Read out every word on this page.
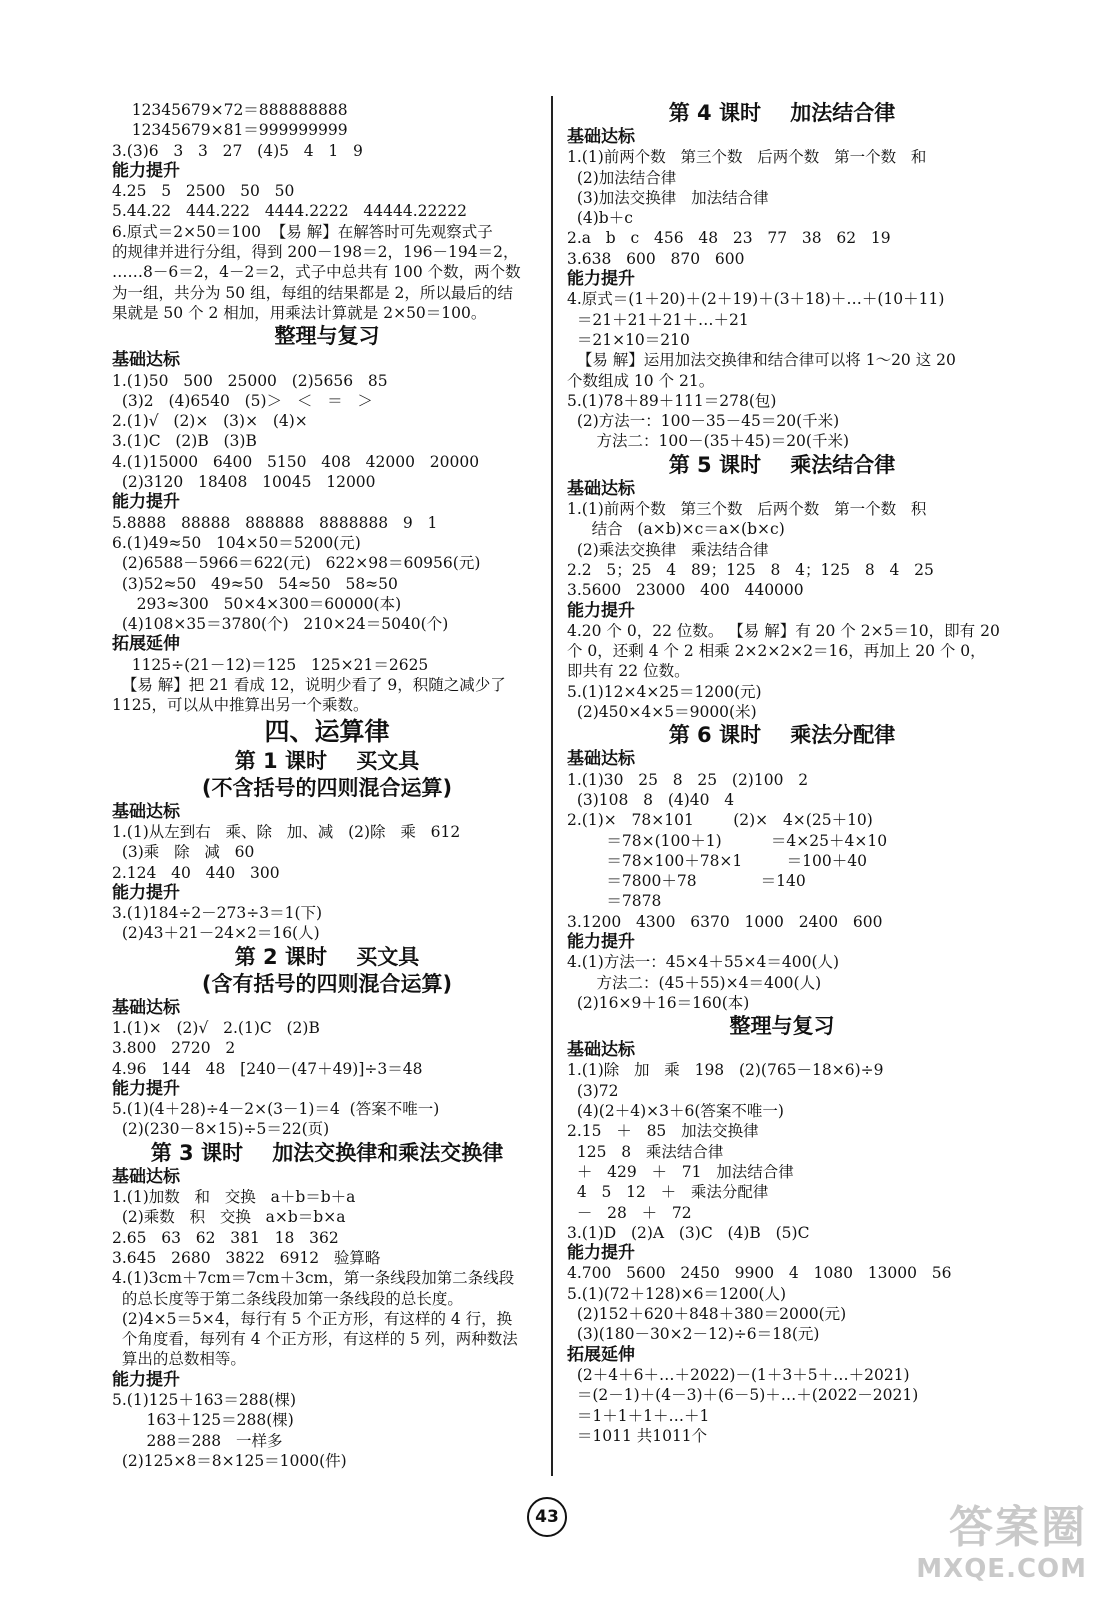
12345679×72＝888888888
12345679×81＝999999999
3.(3)6   3   3   27   (4)5   4   1   9
能力提升
4.25   5   2500   50   50
5.44.22   444.222   4444.2222   44444.22222
6.原式＝2×50＝100  【易 解】在解答时可先观察式子
的规律并进行分组，得到 200－198＝2，196－194＝2，
……8－6＝2，4－2＝2，式子中总共有 100 个数，两个数
为一组，共分为 50 组，每组的结果都是 2，所以最后的结
果就是 50 个 2 相加，用乘法计算就是 2×50＝100。
整理与复习
基础达标
1.(1)50   500   25000   (2)5656   85
(3)2   (4)6540   (5)＞   ＜   ＝   ＞
2.(1)√   (2)×   (3)×   (4)×
3.(1)C   (2)B   (3)B
4.(1)15000   6400   5150   408   42000   20000
(2)3120   18408   10045   12000
能力提升
5.8888   88888   888888   8888888   9   1
6.(1)49≈50   104×50＝5200(元)
(2)6588－5966＝622(元)   622×98＝60956(元)
(3)52≈50   49≈50   54≈50   58≈50
293≈300   50×4×300＝60000(本)
(4)108×35＝3780(个)   210×24＝5040(个)
拓展延伸
1125÷(21－12)＝125   125×21＝2625
【易 解】把 21 看成 12，说明少看了 9，积随之减少了
1125，可以从中推算出另一个乘数。
四、运算律
第 1 课时    买文具
(不含括号的四则混合运算)
基础达标
1.(1)从左到右   乘、除   加、减   (2)除   乘   612
(3)乘   除   减   60
2.124   40   440   300
能力提升
3.(1)184÷2－273÷3＝1(下)
(2)43＋21－24×2＝16(人)
第 2 课时    买文具
(含有括号的四则混合运算)
基础达标
1.(1)×   (2)√   2.(1)C   (2)B
3.800   2720   2
4.96   144   48   [240－(47＋49)]÷3＝48
能力提升
5.(1)(4＋28)÷4－2×(3－1)＝4  (答案不唯一)
(2)(230－8×15)÷5＝22(页)
第 3 课时    加法交换律和乘法交换律
基础达标
1.(1)加数   和   交换   a＋b＝b＋a
(2)乘数   积   交换   a×b＝b×a
2.65   63   62   381   18   362
3.645   2680   3822   6912   验算略
4.(1)3cm＋7cm＝7cm＋3cm，第一条线段加第二条线段
的总长度等于第二条线段加第一条线段的总长度。
(2)4×5＝5×4，每行有 5 个正方形，有这样的 4 行，换
个角度看，每列有 4 个正方形，有这样的 5 列，两种数法
算出的总数相等。
能力提升
5.(1)125＋163＝288(棵)
163＋125＝288(棵)
288＝288   一样多
(2)125×8＝8×125＝1000(件)
第 4 课时    加法结合律
基础达标
1.(1)前两个数   第三个数   后两个数   第一个数   和
(2)加法结合律
(3)加法交换律   加法结合律
(4)b＋c
2.a   b   c   456   48   23   77   38   62   19
3.638   600   870   600
能力提升
4.原式＝(1＋20)＋(2＋19)＋(3＋18)＋…＋(10＋11)
＝21＋21＋21＋…＋21
＝21×10＝210
【易 解】运用加法交换律和结合律可以将 1～20 这 20
个数组成 10 个 21。
5.(1)78＋89＋111＝278(包)
(2)方法一：100－35－45＝20(千米)
方法二：100－(35＋45)＝20(千米)
第 5 课时    乘法结合律
基础达标
1.(1)前两个数   第三个数   后两个数   第一个数   积
结合   (a×b)×c＝a×(b×c)
(2)乘法交换律   乘法结合律
2.2   5；25   4   89；125   8   4；125   8   4   25
3.5600   23000   400   440000
能力提升
4.20 个 0，22 位数。 【易 解】有 20 个 2×5＝10，即有 20
个 0，还剩 4 个 2 相乘 2×2×2×2＝16，再加上 20 个 0，
即共有 22 位数。
5.(1)12×4×25＝1200(元)
(2)450×4×5＝9000(米)
第 6 课时    乘法分配律
基础达标
1.(1)30   25   8   25   (2)100   2
(3)108   8   (4)40   4
2.(1)×   78×101        (2)×   4×(25＋10)
＝78×(100＋1)          ＝4×25＋4×10
＝78×100＋78×1         ＝100＋40
＝7800＋78             ＝140
＝7878
3.1200   4300   6370   1000   2400   600
能力提升
4.(1)方法一：45×4＋55×4＝400(人)
方法二：(45＋55)×4＝400(人)
(2)16×9＋16＝160(本)
整理与复习
基础达标
1.(1)除   加   乘   198   (2)(765－18×6)÷9
(3)72
(4)(2＋4)×3＋6(答案不唯一)
2.15   ＋   85   加法交换律
125   8   乘法结合律
＋   429   ＋   71   加法结合律
4   5   12   ＋   乘法分配律
－   28   ＋   72
3.(1)D   (2)A   (3)C   (4)B   (5)C
能力提升
4.700   5600   2450   9900   4   1080   13000   56
5.(1)(72＋128)×6＝1200(人)
(2)152＋620＋848＋380＝2000(元)
(3)(180－30×2－12)÷6＝18(元)
拓展延伸
(2＋4＋6＋…＋2022)－(1＋3＋5＋…＋2021)
＝(2－1)＋(4－3)＋(6－5)＋…＋(2022－2021)
＝1＋1＋1＋…＋1
＝1011 共1011个
43	答案圈
MXQE.COM
